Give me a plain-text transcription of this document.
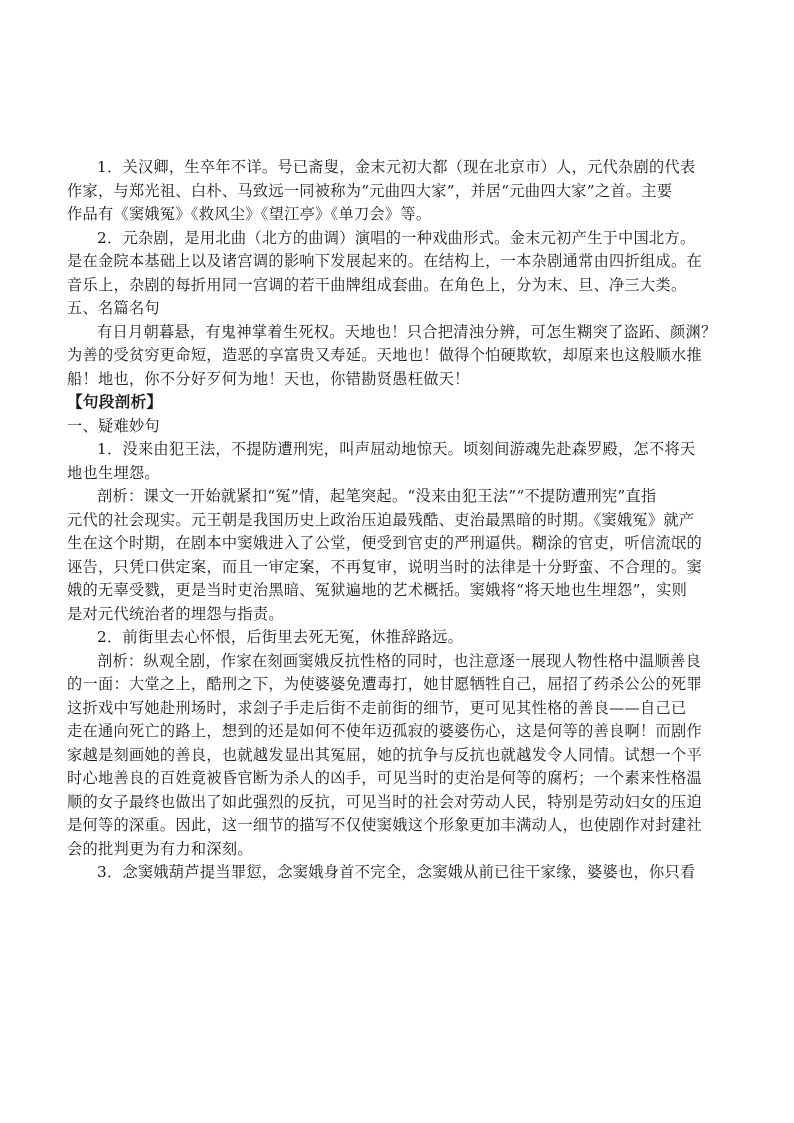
1．关汉卿，生卒年不详。号已斋叟，金末元初大都（现在北京市）人，元代杂剧的代表
作家，与郑光祖、白朴、马致远一同被称为“元曲四大家”，并居“元曲四大家”之首。主要
作品有《窦娥冤》《救风尘》《望江亭》《单刀会》等。
2．元杂剧，是用北曲（北方的曲调）演唱的一种戏曲形式。金末元初产生于中国北方。
是在金院本基础上以及诸宫调的影响下发展起来的。在结构上，一本杂剧通常由四折组成。在
音乐上，杂剧的每折用同一宫调的若干曲牌组成套曲。在角色上，分为末、旦、净三大类。
五、名篇名句
有日月朝暮悬，有鬼神掌着生死权。天地也！只合把清浊分辨，可怎生糊突了盗跖、颜渊？
为善的受贫穷更命短，造恶的享富贵又寿延。天地也！做得个怕硬欺软，却原来也这般顺水推
船！地也，你不分好歹何为地！天也，你错勘贤愚枉做天！
【句段剖析】
一、疑难妙句
1．没来由犯王法，不提防遭刑宪，叫声屈动地惊天。顷刻间游魂先赴森罗殿，怎不将天
地也生埋怨。
剖析：课文一开始就紧扣“冤”情，起笔突起。“没来由犯王法”“不提防遭刑宪”直指
元代的社会现实。元王朝是我国历史上政治压迫最残酷、吏治最黑暗的时期。《窦娥冤》就产
生在这个时期，在剧本中窦娥进入了公堂，便受到官吏的严刑逼供。糊涂的官吏，听信流氓的
诬告，只凭口供定案，而且一审定案，不再复审，说明当时的法律是十分野蛮、不合理的。窦
娥的无辜受戮，更是当时吏治黑暗、冤狱遍地的艺术概括。窦娥将“将天地也生埋怨”，实则
是对元代统治者的埋怨与指责。
2．前街里去心怀恨，后街里去死无冤，休推辞路远。
剖析：纵观全剧，作家在刻画窦娥反抗性格的同时，也注意逐一展现人物性格中温顺善良
的一面：大堂之上，酷刑之下，为使婆婆免遭毒打，她甘愿牺牲自己，屈招了药杀公公的死罪
这折戏中写她赴刑场时，求刽子手走后街不走前街的细节，更可见其性格的善良——自己已
走在通向死亡的路上，想到的还是如何不使年迈孤寂的婆婆伤心，这是何等的善良啊！而剧作
家越是刻画她的善良，也就越发显出其冤屈，她的抗争与反抗也就越发令人同情。试想一个平
时心地善良的百姓竟被昏官断为杀人的凶手，可见当时的吏治是何等的腐朽；一个素来性格温
顺的女子最终也做出了如此强烈的反抗，可见当时的社会对劳动人民，特别是劳动妇女的压迫
是何等的深重。因此，这一细节的描写不仅使窦娥这个形象更加丰满动人，也使剧作对封建社
会的批判更为有力和深刻。
3．念窦娥葫芦提当罪愆，念窦娥身首不完全，念窦娥从前已往干家缘，婆婆也，你只看
